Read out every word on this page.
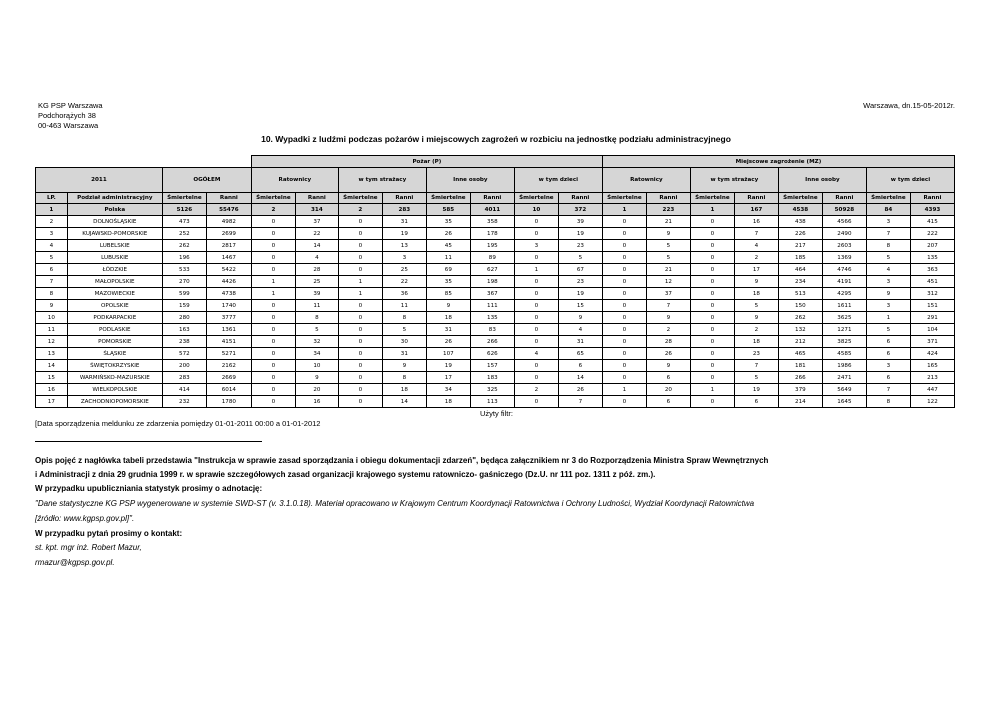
KG PSP Warszawa
Podchorążych 38
00-463 Warszawa
Warszawa, dn.15-05-2012r.
10. Wypadki z ludźmi podczas pożarów i miejscowych zagrożeń w rozbiciu na jednostkę podziału administracyjnego
				Pożar (P)								Miejscowe zagrożenie (MZ)							
2011		OGÓŁEM		Ratownicy		w tym strażacy		Inne osoby		w tym dzieci		Ratownicy		w tym strażacy		Inne osoby		w tym dzieci	
LP.	Podział administracyjny	Śmiertelne	Ranni	Śmiertelne	Ranni	Śmiertelne	Ranni	Śmiertelne	Ranni	Śmiertelne	Ranni	Śmiertelne	Ranni	Śmiertelne	Ranni	Śmiertelne	Ranni	Śmiertelne	Ranni
1	Polska	5126	55476	2	314	2	283	585	4011	10	372	1	223	1	167	4538	50928	84	4393
2	DOLNOŚLĄSKIE	473	4982	0	37	0	31	35	358	0	39	0	21	0	16	438	4566	3	415
3	KUJAWSKO-POMORSKIE	252	2699	0	22	0	19	26	178	0	19	0	9	0	7	226	2490	7	222
4	LUBELSKIE	262	2817	0	14	0	13	45	195	3	23	0	5	0	4	217	2603	8	207
5	LUBUSKIE	196	1467	0	4	0	3	11	89	0	5	0	5	0	2	185	1369	5	135
6	ŁÓDZKIE	533	5422	0	28	0	25	69	627	1	67	0	21	0	17	464	4746	4	363
7	MAŁOPOLSKIE	270	4426	1	25	1	22	35	198	0	23	0	12	0	9	234	4191	3	451
8	MAZOWIECKIE	599	4738	1	39	1	36	85	367	0	19	0	37	0	18	513	4295	9	312
9	OPOLSKIE	159	1740	0	11	0	11	9	111	0	15	0	7	0	5	150	1611	3	151
10	PODKARPACKIE	280	3777	0	8	0	8	18	135	0	9	0	9	0	9	262	3625	1	291
11	PODLASKIE	163	1361	0	5	0	5	31	83	0	4	0	2	0	2	132	1271	5	104
12	POMORSKIE	238	4151	0	32	0	30	26	266	0	31	0	28	0	18	212	3825	6	371
13	ŚLĄSKIE	572	5271	0	34	0	31	107	626	4	65	0	26	0	23	465	4585	6	424
14	ŚWIĘTOKRZYSKIE	200	2162	0	10	0	9	19	157	0	6	0	9	0	7	181	1986	3	165
15	WARMIŃSKO-MAZURSKIE	283	2669	0	9	0	8	17	183	0	14	0	6	0	5	266	2471	6	213
16	WIELKOPOLSKIE	414	6014	0	20	0	18	34	325	2	26	1	20	1	19	379	5649	7	447
17	ZACHODNIOPOMORSKIE	232	1780	0	16	0	14	18	113	0	7	0	6	0	6	214	1645	8	122
Użyty filtr:
[Data sporządzenia meldunku ze zdarzenia pomiędzy 01-01-2011 00:00 a 01-01-2012
Opis pojęć z nagłówka tabeli przedstawia "Instrukcja w sprawie zasad sporządzania i obiegu dokumentacji zdarzeń", będąca załącznikiem nr 3 do Rozporządzenia Ministra Spraw Wewnętrznych
i Administracji z dnia 29 grudnia 1999 r. w sprawie szczegółowych zasad organizacji krajowego systemu ratowniczo- gaśniczego (Dz.U. nr 111 poz. 1311 z póź. zm.).
W przypadku upubliczniania statystyk prosimy o adnotację:
"Dane statystyczne KG PSP wygenerowane w systemie SWD-ST (v. 3.1.0.18). Materiał opracowano w Krajowym Centrum Koordynacji Ratownictwa i Ochrony Ludności, Wydział Koordynacji Ratownictwa
[źródło: www.kgpsp.gov.pl]".
W przypadku pytań prosimy o kontakt:
st. kpt. mgr inż. Robert Mazur,
rmazur@kgpsp.gov.pl.
